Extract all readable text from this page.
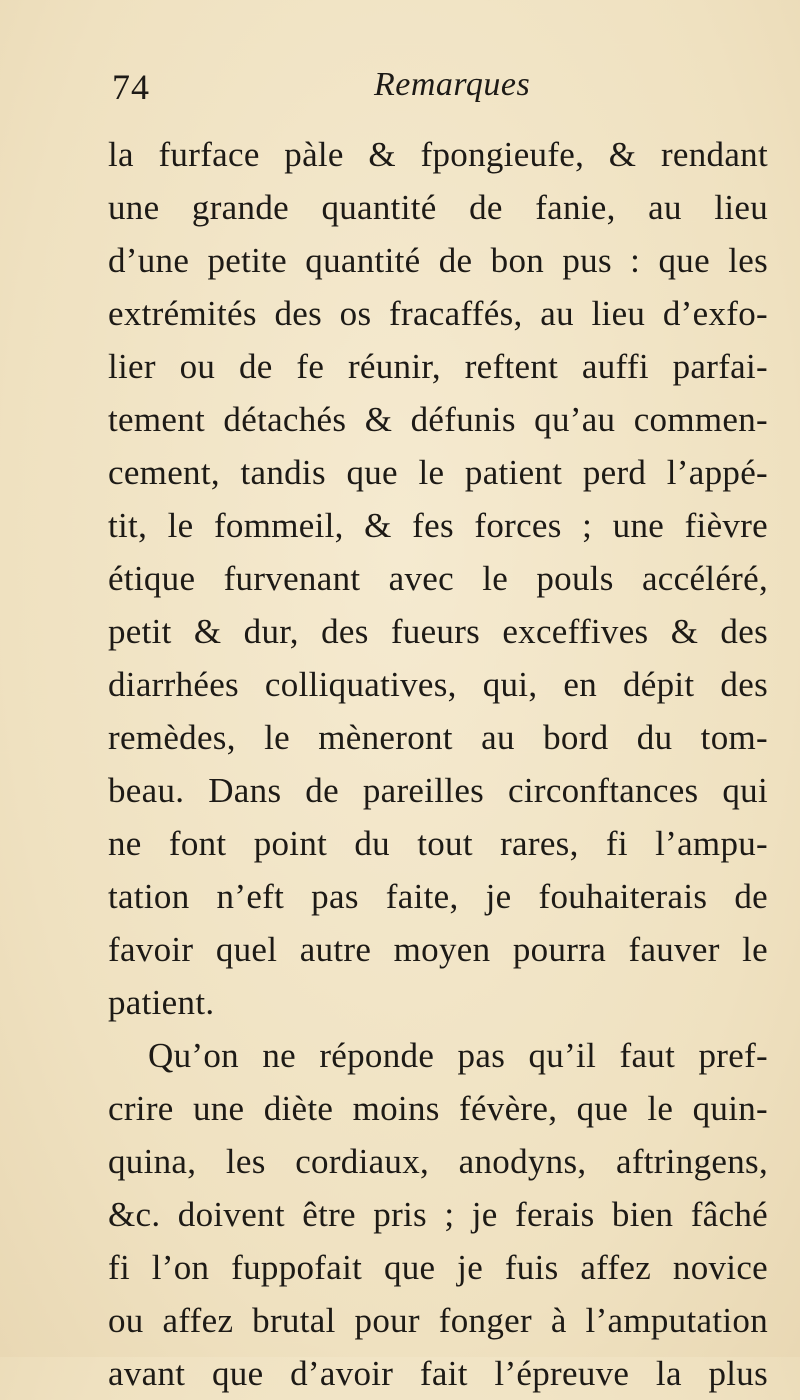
74	Remarques
la furface pàle & fpongieufe, & rendant
une grande quantité de fanie, au lieu
d’une petite quantité de bon pus : que les
extrémités des os fracaffés, au lieu d’exfo-
lier ou de fe réunir, reftent auffi parfai-
tement détachés & défunis qu’au commen-
cement, tandis que le patient perd l’appé-
tit, le fommeil, & fes forces ; une fièvre
étique furvenant avec le pouls accéléré,
petit & dur, des fueurs exceffives & des
diarrhées colliquatives, qui, en dépit des
remèdes, le mèneront au bord du tom-
beau. Dans de pareilles circonftances qui
ne font point du tout rares, fi l’ampu-
tation n’eft pas faite, je fouhaiterais de
favoir quel autre moyen pourra fauver le
patient.
Qu’on ne réponde pas qu’il faut pref-
crire une diète moins févère, que le quin-
quina, les cordiaux, anodyns, aftringens,
&c. doivent être pris ; je ferais bien fâché
fi l’on fuppofait que je fuis affez novice
ou affez brutal pour fonger à l’amputation
avant que d’avoir fait l’épreuve la plus
